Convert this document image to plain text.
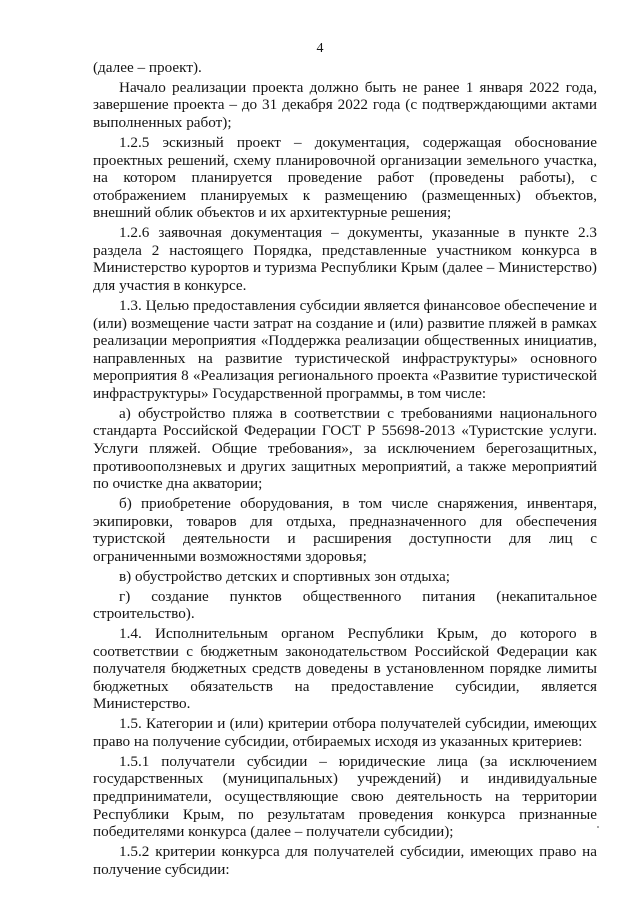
4

(далее – проект).

Начало реализации проекта должно быть не ранее 1 января 2022 года, завершение проекта – до 31 декабря 2022 года (с подтверждающими актами выполненных работ);

1.2.5 эскизный проект – документация, содержащая обоснование проектных решений, схему планировочной организации земельного участка, на котором планируется проведение работ (проведены работы), с отображением планируемых к размещению (размещенных) объектов, внешний облик объектов и их архитектурные решения;

1.2.6 заявочная документация – документы, указанные в пункте 2.3 раздела 2 настоящего Порядка, представленные участником конкурса в Министерство курортов и туризма Республики Крым (далее – Министерство) для участия в конкурсе.

1.3. Целью предоставления субсидии является финансовое обеспечение и (или) возмещение части затрат на создание и (или) развитие пляжей в рамках реализации мероприятия «Поддержка реализации общественных инициатив, направленных на развитие туристической инфраструктуры» основного мероприятия 8 «Реализация регионального проекта «Развитие туристической инфраструктуры» Государственной программы, в том числе:

а) обустройство пляжа в соответствии с требованиями национального стандарта Российской Федерации ГОСТ Р 55698-2013 «Туристские услуги. Услуги пляжей. Общие требования», за исключением берегозащитных, противооползневых и других защитных мероприятий, а также мероприятий по очистке дна акватории;

б) приобретение оборудования, в том числе снаряжения, инвентаря, экипировки, товаров для отдыха, предназначенного для обеспечения туристской деятельности и расширения доступности для лиц с ограниченными возможностями здоровья;

в) обустройство детских и спортивных зон отдыха;

г) создание пунктов общественного питания (некапитальное строительство).

1.4. Исполнительным органом Республики Крым, до которого в соответствии с бюджетным законодательством Российской Федерации как получателя бюджетных средств доведены в установленном порядке лимиты бюджетных обязательств на предоставление субсидии, является Министерство.

1.5. Категории и (или) критерии отбора получателей субсидии, имеющих право на получение субсидии, отбираемых исходя из указанных критериев:

1.5.1 получатели субсидии – юридические лица (за исключением государственных (муниципальных) учреждений) и индивидуальные предприниматели, осуществляющие свою деятельность на территории Республики Крым, по результатам проведения конкурса признанные победителями конкурса (далее – получатели субсидии);

1.5.2 критерии конкурса для получателей субсидии, имеющих право на получение субсидии:
